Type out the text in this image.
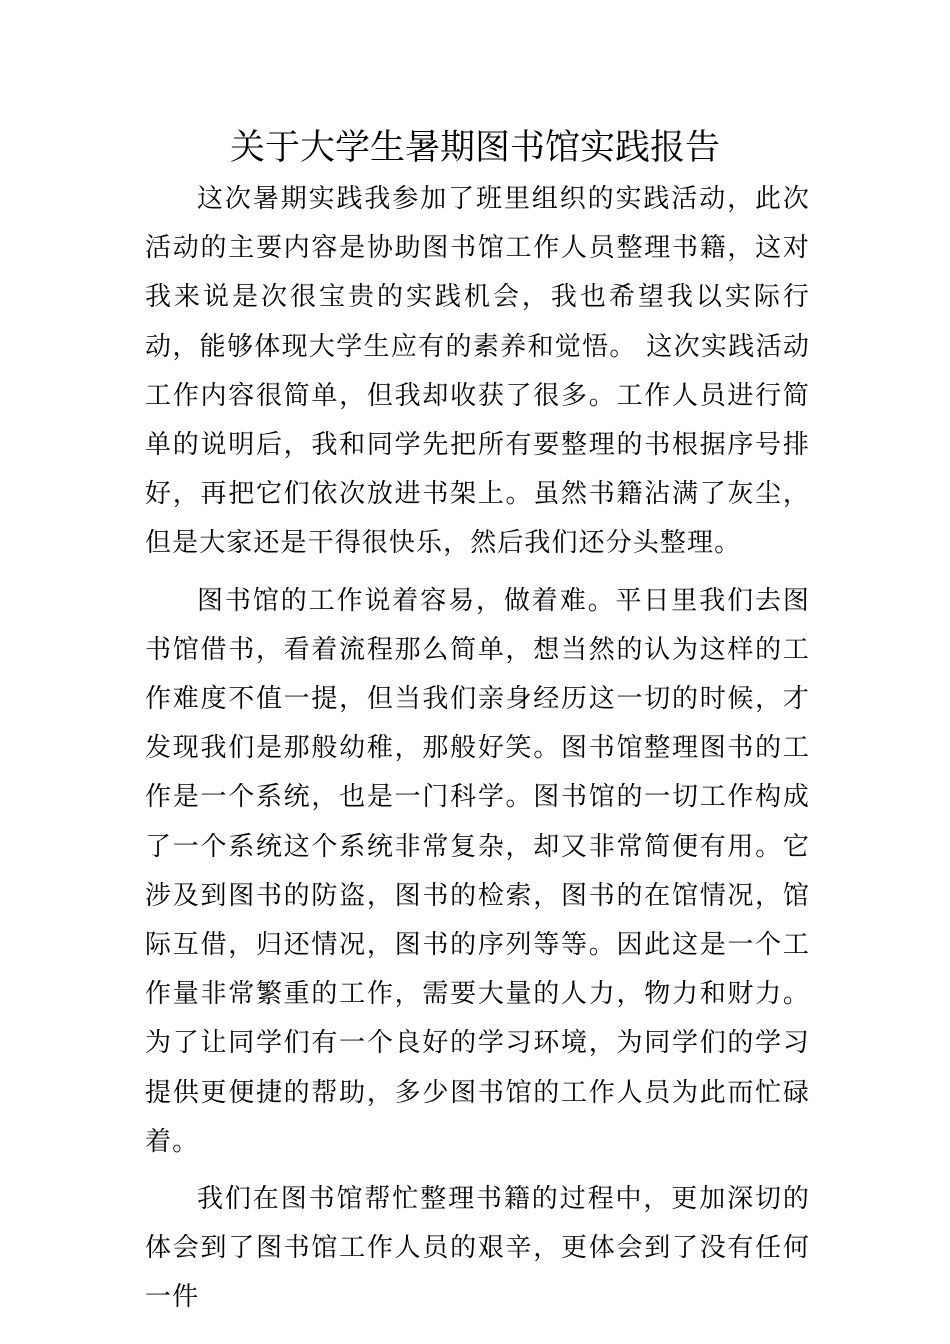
关于大学生暑期图书馆实践报告

这次暑期实践我参加了班里组织的实践活动，此次活动的主要内容是协助图书馆工作人员整理书籍，这对我来说是次很宝贵的实践机会，我也希望我以实际行动，能够体现大学生应有的素养和觉悟。 这次实践活动工作内容很简单，但我却收获了很多。工作人员进行简单的说明后，我和同学先把所有要整理的书根据序号排好，再把它们依次放进书架上。虽然书籍沾满了灰尘，但是大家还是干得很快乐，然后我们还分头整理。

图书馆的工作说着容易，做着难。平日里我们去图书馆借书，看着流程那么简单，想当然的认为这样的工作难度不值一提，但当我们亲身经历这一切的时候，才发现我们是那般幼稚，那般好笑。图书馆整理图书的工作是一个系统，也是一门科学。图书馆的一切工作构成了一个系统这个系统非常复杂，却又非常简便有用。它涉及到图书的防盗，图书的检索，图书的在馆情况，馆际互借，归还情况，图书的序列等等。因此这是一个工作量非常繁重的工作，需要大量的人力，物力和财力。为了让同学们有一个良好的学习环境，为同学们的学习提供更便捷的帮助，多少图书馆的工作人员为此而忙碌着。

我们在图书馆帮忙整理书籍的过程中，更加深切的体会到了图书馆工作人员的艰辛，更体会到了没有任何一件
